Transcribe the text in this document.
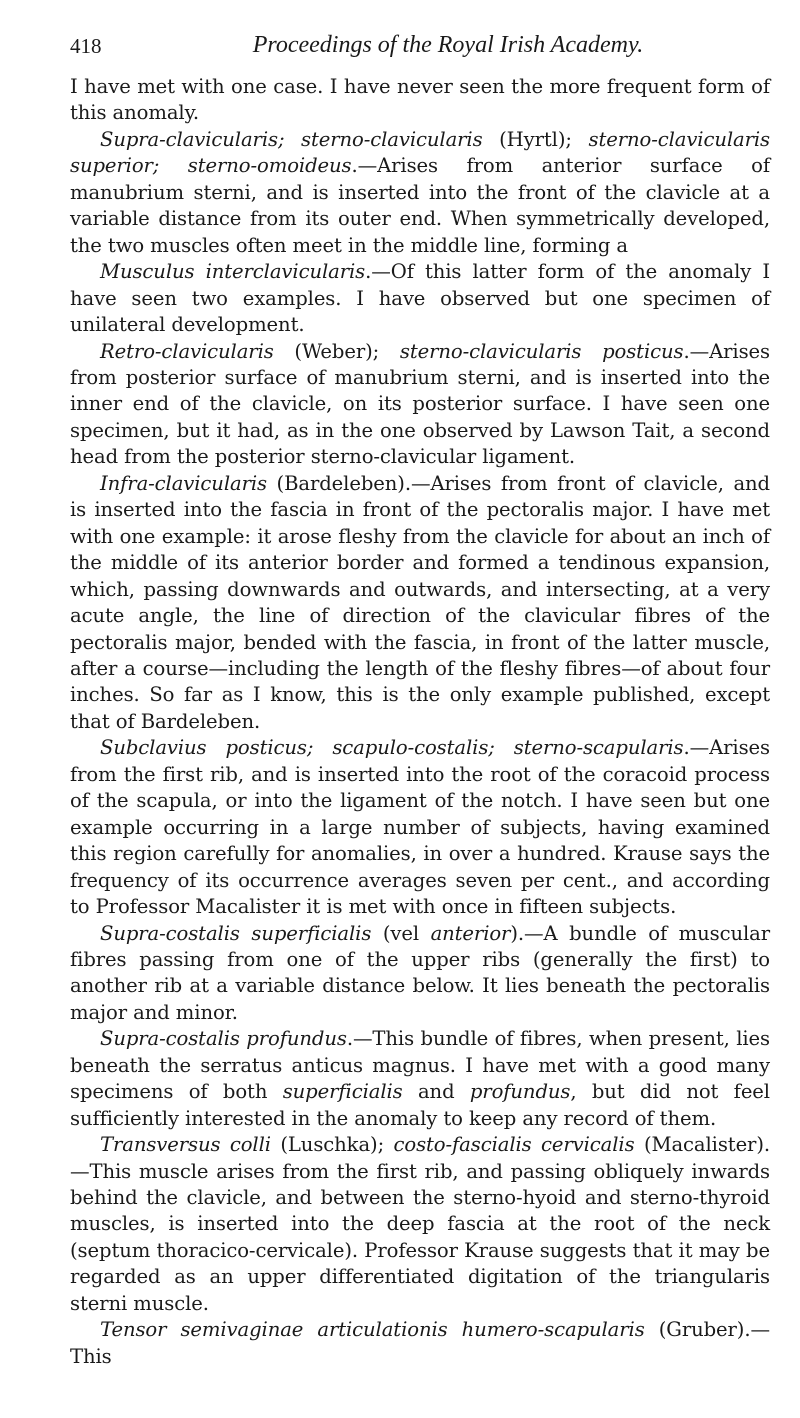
418	Proceedings of the Royal Irish Academy.

I have met with one case. I have never seen the more frequent form of this anomaly.

Supra-clavicularis; sterno-clavicularis (Hyrtl); sterno-clavicularis superior; sterno-omoideus.—Arises from anterior surface of manubrium sterni, and is inserted into the front of the clavicle at a variable distance from its outer end. When symmetrically developed, the two muscles often meet in the middle line, forming a

Musculus interclavicularis.—Of this latter form of the anomaly I have seen two examples. I have observed but one specimen of unilateral development.

Retro-clavicularis (Weber); sterno-clavicularis posticus.—Arises from posterior surface of manubrium sterni, and is inserted into the inner end of the clavicle, on its posterior surface. I have seen one specimen, but it had, as in the one observed by Lawson Tait, a second head from the posterior sterno-clavicular ligament.

Infra-clavicularis (Bardeleben).—Arises from front of clavicle, and is inserted into the fascia in front of the pectoralis major. I have met with one example: it arose fleshy from the clavicle for about an inch of the middle of its anterior border and formed a tendinous expansion, which, passing downwards and outwards, and intersecting, at a very acute angle, the line of direction of the clavicular fibres of the pectoralis major, bended with the fascia, in front of the latter muscle, after a course—including the length of the fleshy fibres—of about four inches. So far as I know, this is the only example published, except that of Bardeleben.

Subclavius posticus; scapulo-costalis; sterno-scapularis.—Arises from the first rib, and is inserted into the root of the coracoid process of the scapula, or into the ligament of the notch. I have seen but one example occurring in a large number of subjects, having examined this region carefully for anomalies, in over a hundred. Krause says the frequency of its occurrence averages seven per cent., and according to Professor Macalister it is met with once in fifteen subjects.

Supra-costalis superficialis (vel anterior).—A bundle of muscular fibres passing from one of the upper ribs (generally the first) to another rib at a variable distance below. It lies beneath the pectoralis major and minor.

Supra-costalis profundus.—This bundle of fibres, when present, lies beneath the serratus anticus magnus. I have met with a good many specimens of both superficialis and profundus, but did not feel sufficiently interested in the anomaly to keep any record of them.

Transversus colli (Luschka); costo-fascialis cervicalis (Macalister).—This muscle arises from the first rib, and passing obliquely inwards behind the clavicle, and between the sterno-hyoid and sterno-thyroid muscles, is inserted into the deep fascia at the root of the neck (septum thoracico-cervicale). Professor Krause suggests that it may be regarded as an upper differentiated digitation of the triangularis sterni muscle.

Tensor semivaginae articulationis humero-scapularis (Gruber).—This
